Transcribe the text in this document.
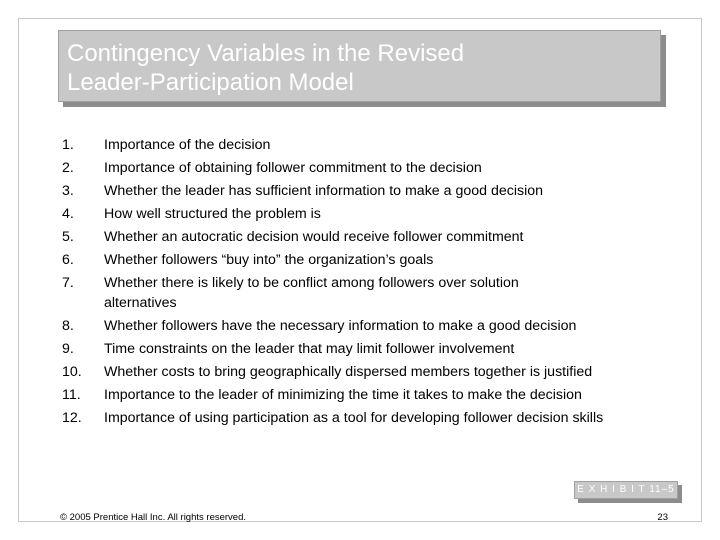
Contingency Variables in the Revised
Leader-Participation Model
1.	Importance of the decision
2.	Importance of obtaining follower commitment to the decision
3.	Whether the leader has sufficient information to make a good decision
4.	How well structured the problem is
5.	Whether an autocratic decision would receive follower commitment
6.	Whether followers “buy into” the organization’s goals
7.	Whether there is likely to be conflict among followers over solution alternatives
8.	Whether followers have the necessary information to make a good decision
9.	Time constraints on the leader that may limit follower involvement
10.	Whether costs to bring geographically dispersed members together is justified
11.	Importance to the leader of minimizing the time it takes to make the decision
12.	Importance of using participation as a tool for developing follower decision skills
E X H I B I T 11–5
© 2005 Prentice Hall Inc. All rights reserved.	23
